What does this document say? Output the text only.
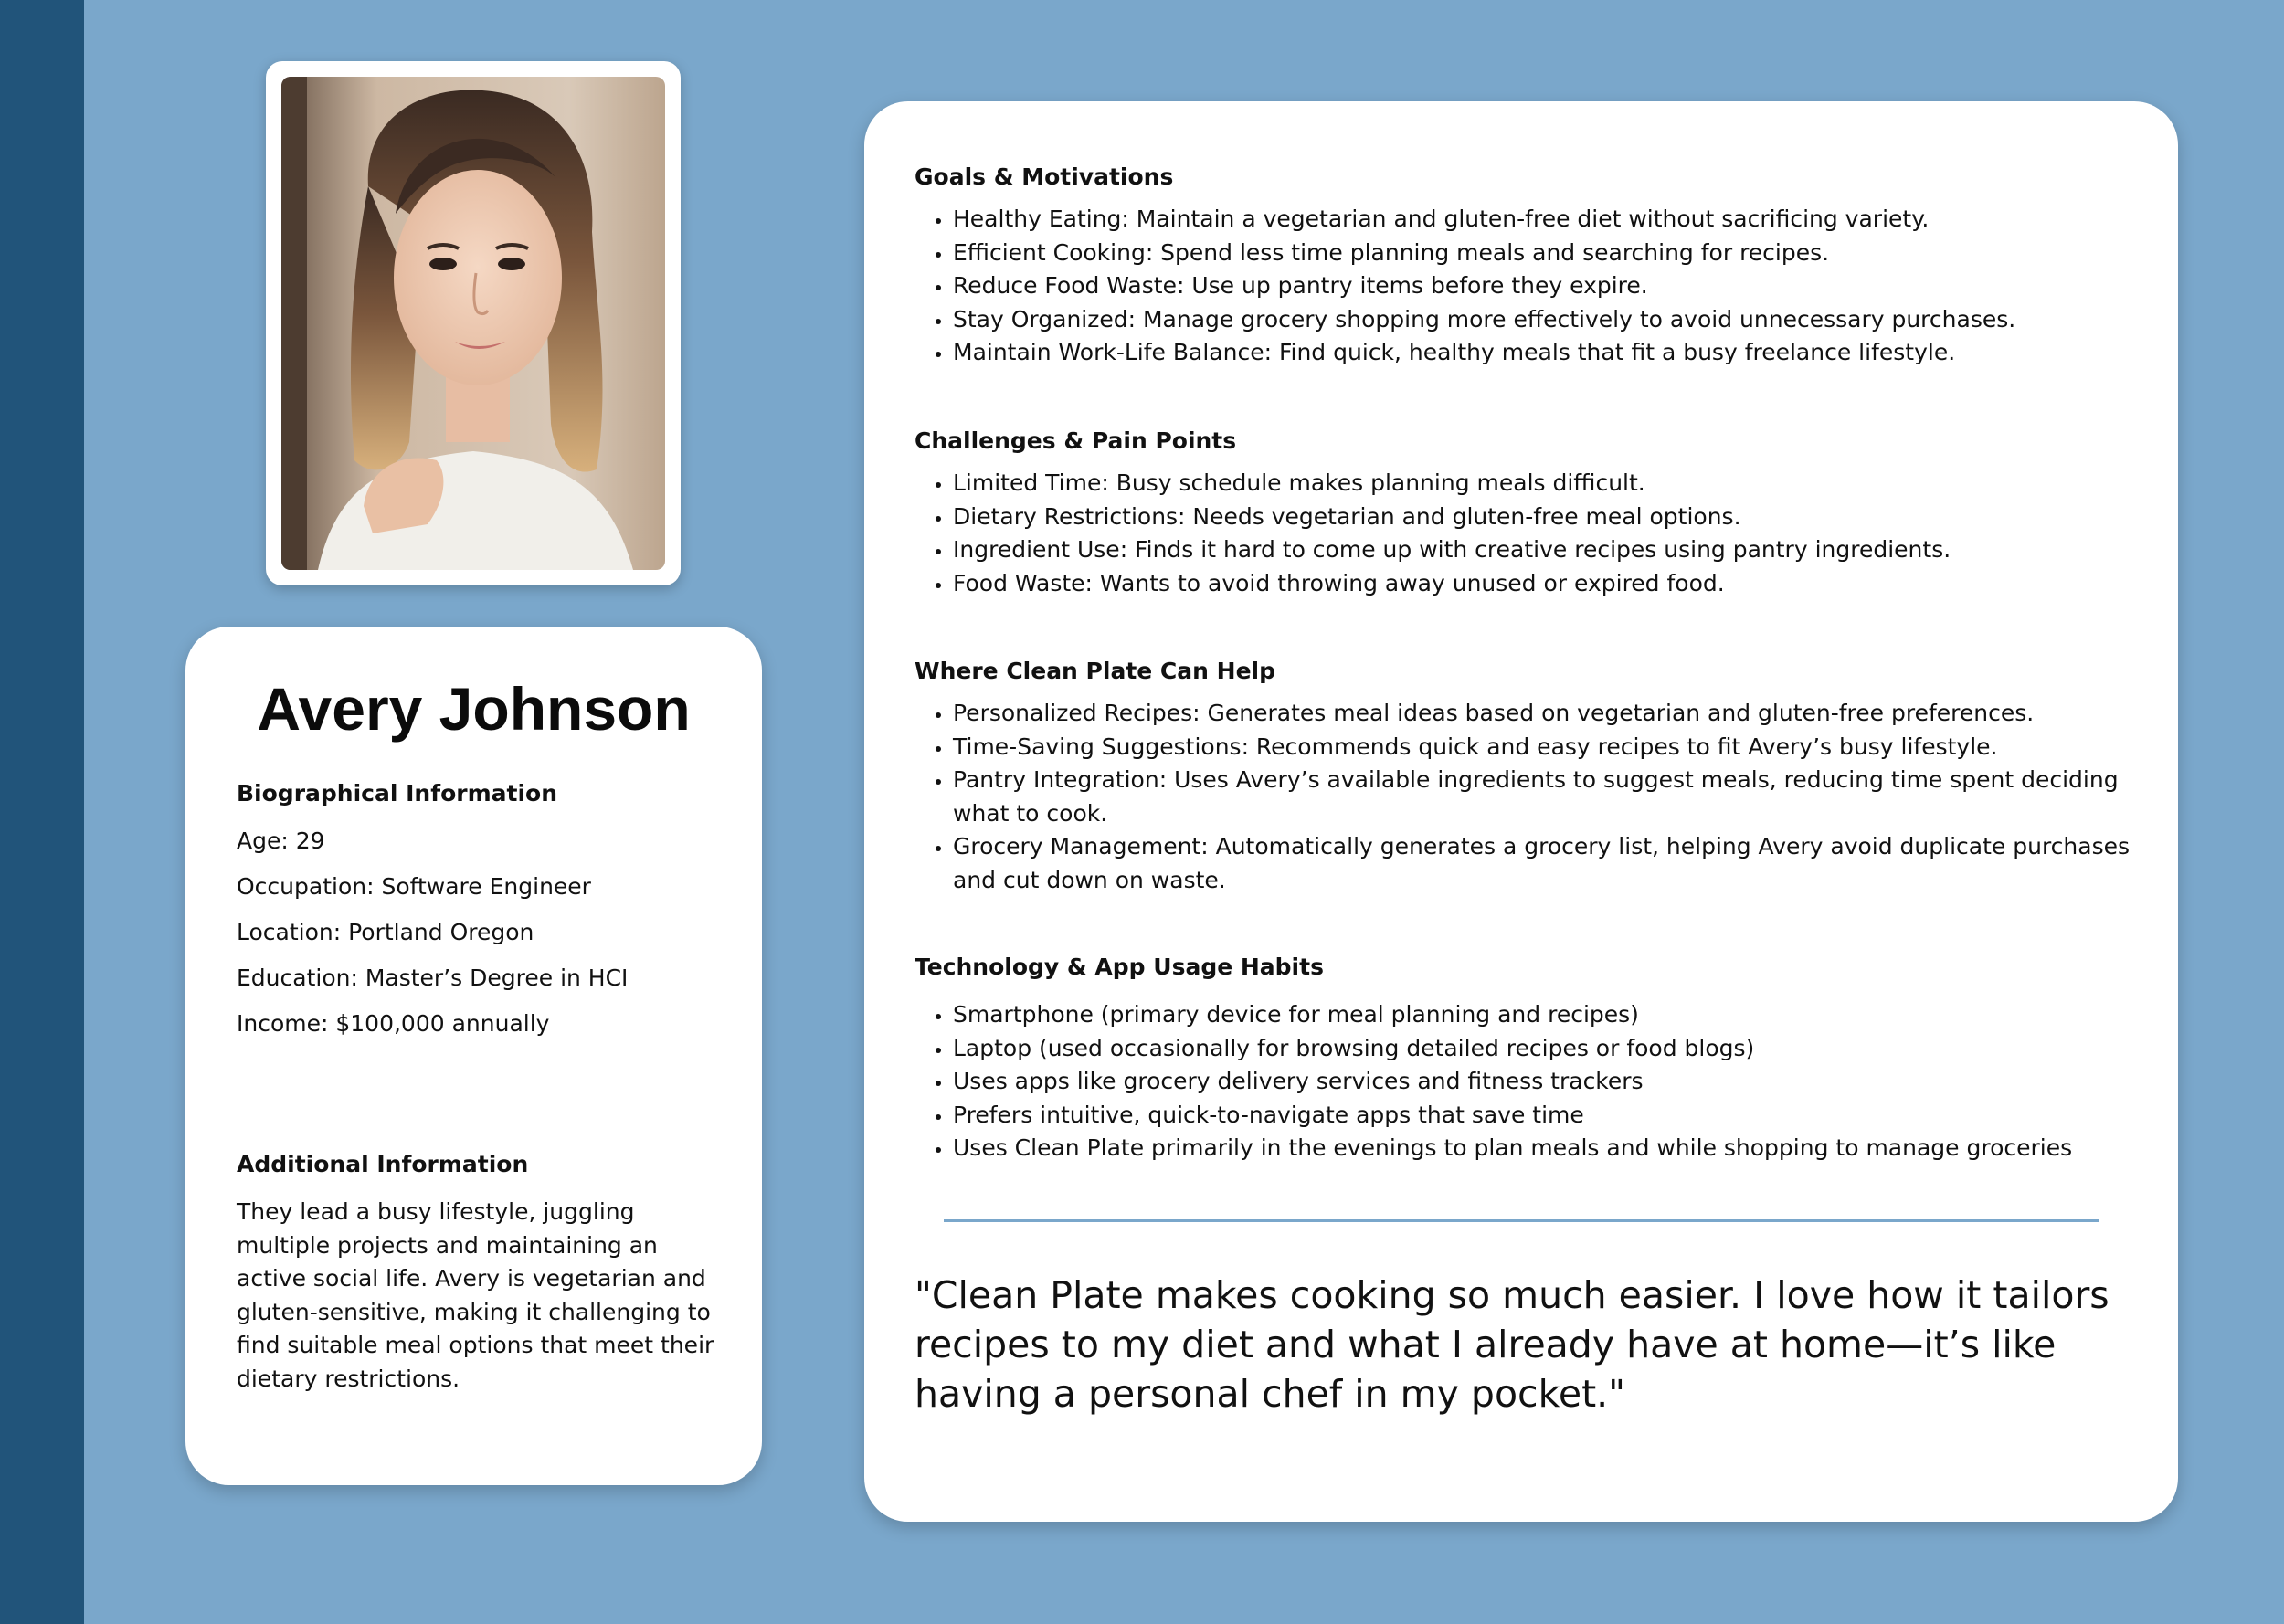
Avery Johnson
Biographical Information
Age: 29
Occupation: Software Engineer
Location: Portland Oregon
Education: Master’s Degree in HCI
Income: $100,000 annually
Additional Information

They lead a busy lifestyle, juggling multiple projects and maintaining an active social life. Avery is vegetarian and gluten-sensitive, making it challenging to find suitable meal options that meet their dietary restrictions.

Goals & Motivations
• Healthy Eating: Maintain a vegetarian and gluten-free diet without sacrificing variety.
• Efficient Cooking: Spend less time planning meals and searching for recipes.
• Reduce Food Waste: Use up pantry items before they expire.
• Stay Organized: Manage grocery shopping more effectively to avoid unnecessary purchases.
• Maintain Work-Life Balance: Find quick, healthy meals that fit a busy freelance lifestyle.
Challenges & Pain Points
• Limited Time: Busy schedule makes planning meals difficult.
• Dietary Restrictions: Needs vegetarian and gluten-free meal options.
• Ingredient Use: Finds it hard to come up with creative recipes using pantry ingredients.
• Food Waste: Wants to avoid throwing away unused or expired food.
Where Clean Plate Can Help
• Personalized Recipes: Generates meal ideas based on vegetarian and gluten-free preferences.
• Time-Saving Suggestions: Recommends quick and easy recipes to fit Avery’s busy lifestyle.
• Pantry Integration: Uses Avery’s available ingredients to suggest meals, reducing time spent deciding what to cook.
• Grocery Management: Automatically generates a grocery list, helping Avery avoid duplicate purchases and cut down on waste.
Technology & App Usage Habits
• Smartphone (primary device for meal planning and recipes)
• Laptop (used occasionally for browsing detailed recipes or food blogs)
• Uses apps like grocery delivery services and fitness trackers
• Prefers intuitive, quick-to-navigate apps that save time
• Uses Clean Plate primarily in the evenings to plan meals and while shopping to manage groceries

"Clean Plate makes cooking so much easier. I love how it tailors recipes to my diet and what I already have at home—it’s like having a personal chef in my pocket."
